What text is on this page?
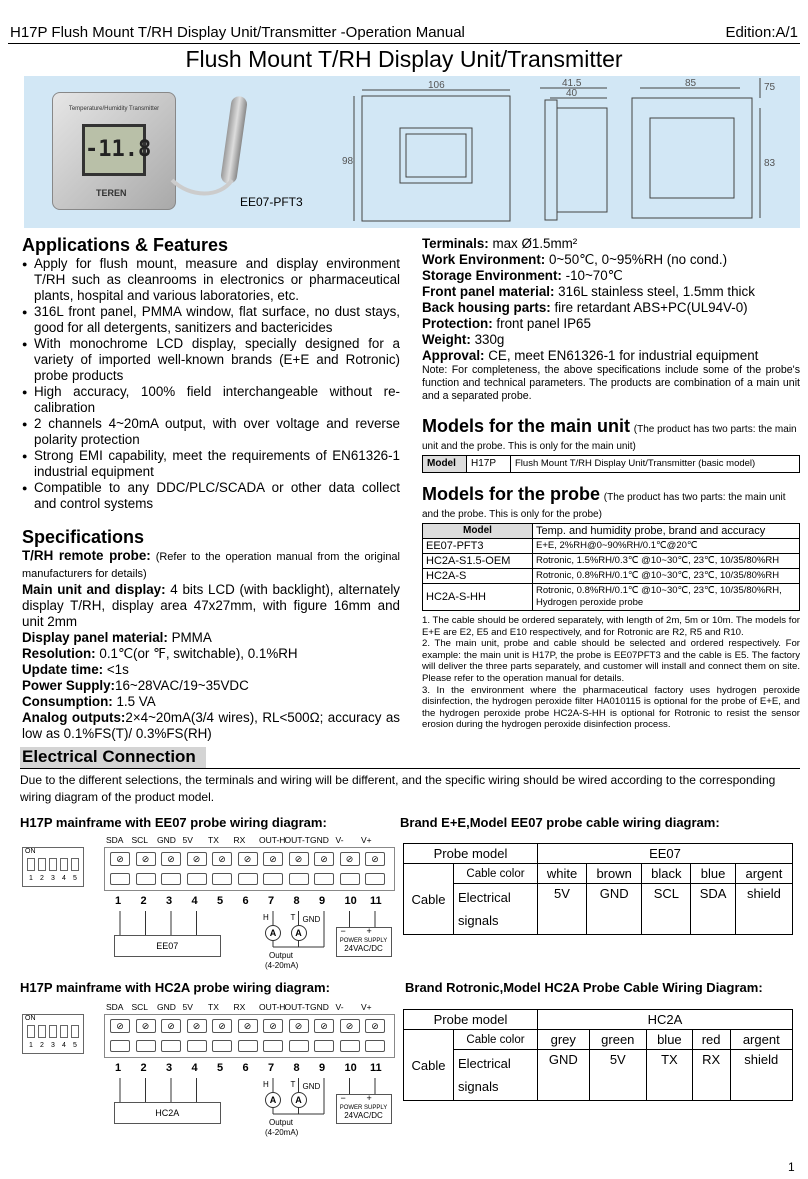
H17P Flush Mount T/RH Display Unit/Transmitter -Operation Manual	Edition:A/1
Flush Mount T/RH Display Unit/Transmitter
Temperature/Humidity Transmitter
-11.8
TEREN
EE07-PFT3
106
98
41.5
40
85	75
83
Applications & Features
● Apply for flush mount, measure and display environment T/RH such as cleanrooms in electronics or pharmaceutical plants, hospital and various laboratories, etc.
● 316L front panel, PMMA window, flat surface, no dust stays, good for all detergents, sanitizers and bactericides
● With monochrome LCD display, specially designed for a variety of imported well-known brands (E+E and Rotronic) probe products
● High accuracy, 100% field interchangeable without re-calibration
● 2 channels 4~20mA output, with over voltage and reverse polarity protection
● Strong EMI capability, meet the requirements of EN61326-1 industrial equipment
● Compatible to any DDC/PLC/SCADA or other data collect and control systems
Specifications
T/RH remote probe: (Refer to the operation manual from the original manufacturers for details)
Main unit and display: 4 bits LCD (with backlight), alternately display T/RH, display area 47x27mm, with figure 16mm and unit 2mm
Display panel material: PMMA
Resolution: 0.1℃(or ℉, switchable), 0.1%RH
Update time: <1s
Power Supply:16~28VAC/19~35VDC
Consumption: 1.5 VA
Analog outputs:2×4~20mA(3/4 wires), RL<500Ω; accuracy as low as 0.1%FS(T)/ 0.3%FS(RH)
Terminals: max Ø1.5mm²
Work Environment: 0~50℃, 0~95%RH (no cond.)
Storage Environment: -10~70℃
Front panel material: 316L stainless steel, 1.5mm thick
Back housing parts: fire retardant ABS+PC(UL94V-0)
Protection: front panel IP65
Weight: 330g
Approval: CE, meet EN61326-1 for industrial equipment
Note: For completeness, the above specifications include some of the probe's function and technical parameters. The products are combination of a main unit and a separated probe.
Models for the main unit (The product has two parts: the main unit and the probe. This is only for the main unit)
Model	H17P	Flush Mount T/RH Display Unit/Transmitter (basic model)
Models for the probe (The product has two parts: the main unit and the probe. This is only for the probe)
Model	Temp. and humidity probe, brand and accuracy
EE07-PFT3	E+E, 2%RH@0~90%RH/0.1℃@20℃
HC2A-S1.5-OEM	Rotronic, 1.5%RH/0.3℃ @10~30℃, 23℃, 10/35/80%RH
HC2A-S	Rotronic, 0.8%RH/0.1℃ @10~30℃, 23℃, 10/35/80%RH
HC2A-S-HH	Rotronic, 0.8%RH/0.1℃ @10~30℃, 23℃, 10/35/80%RH, Hydrogen peroxide probe
1. The cable should be ordered separately, with length of 2m, 5m or 10m. The models for E+E are E2, E5 and E10 respectively, and for Rotronic are R2, R5 and R10.
2. The main unit, probe and cable should be selected and ordered respectively. For example: the main unit is H17P, the probe is EE07PFT3 and the cable is E5. The factory will deliver the three parts separately, and customer will install and connect them on site. Please refer to the operation manual for details.
3. In the environment where the pharmaceutical factory uses hydrogen peroxide disinfection, the hydrogen peroxide filter HA010115 is optional for the probe of E+E, and the hydrogen peroxide probe HC2A-S-HH is optional for Rotronic to resist the sensor erosion during the hydrogen peroxide disinfection process.
Electrical Connection
Due to the different selections, the terminals and wiring will be different, and the specific wiring should be wired according to the corresponding wiring diagram of the product model.
H17P mainframe with EE07 probe wiring diagram:
H17P mainframe with HC2A probe wiring diagram:
ON
1 2 3 4 5
SDA
⊘
1
SCL
⊘
2
GND
⊘
3
5V
⊘
4
TX
⊘
5
RX
⊘
6
OUT-H
⊘
7
OUT-T
⊘
8
GND
⊘
9
V-
⊘
10
V+
⊘
11
EE07
A	A
H	T GND
Output
(4-20mA)
− +
POWER SUPPLY
24VAC/DC
ON
1 2 3 4 5
SDA
⊘
1
SCL
⊘
2
GND
⊘
3
5V
⊘
4
TX
⊘
5
RX
⊘
6
OUT-H
⊘
7
OUT-T
⊘
8
GND
⊘
9
V-
⊘
10
V+
⊘
11
HC2A
A	A
H	T GND
Output
(4-20mA)
− +
POWER SUPPLY
24VAC/DC
Brand E+E,Model EE07 probe cable wiring diagram:
Brand Rotronic,Model HC2A Probe Cable Wiring Diagram:
Probe model		EE07				
Cable	Cable color	white	brown	black	blue	argent
	Electrical signals	5V	GND	SCL	SDA	shield
Probe model		HC2A				
Cable	Cable color	grey	green	blue	red	argent
	Electrical signals	GND	5V	TX	RX	shield
1
